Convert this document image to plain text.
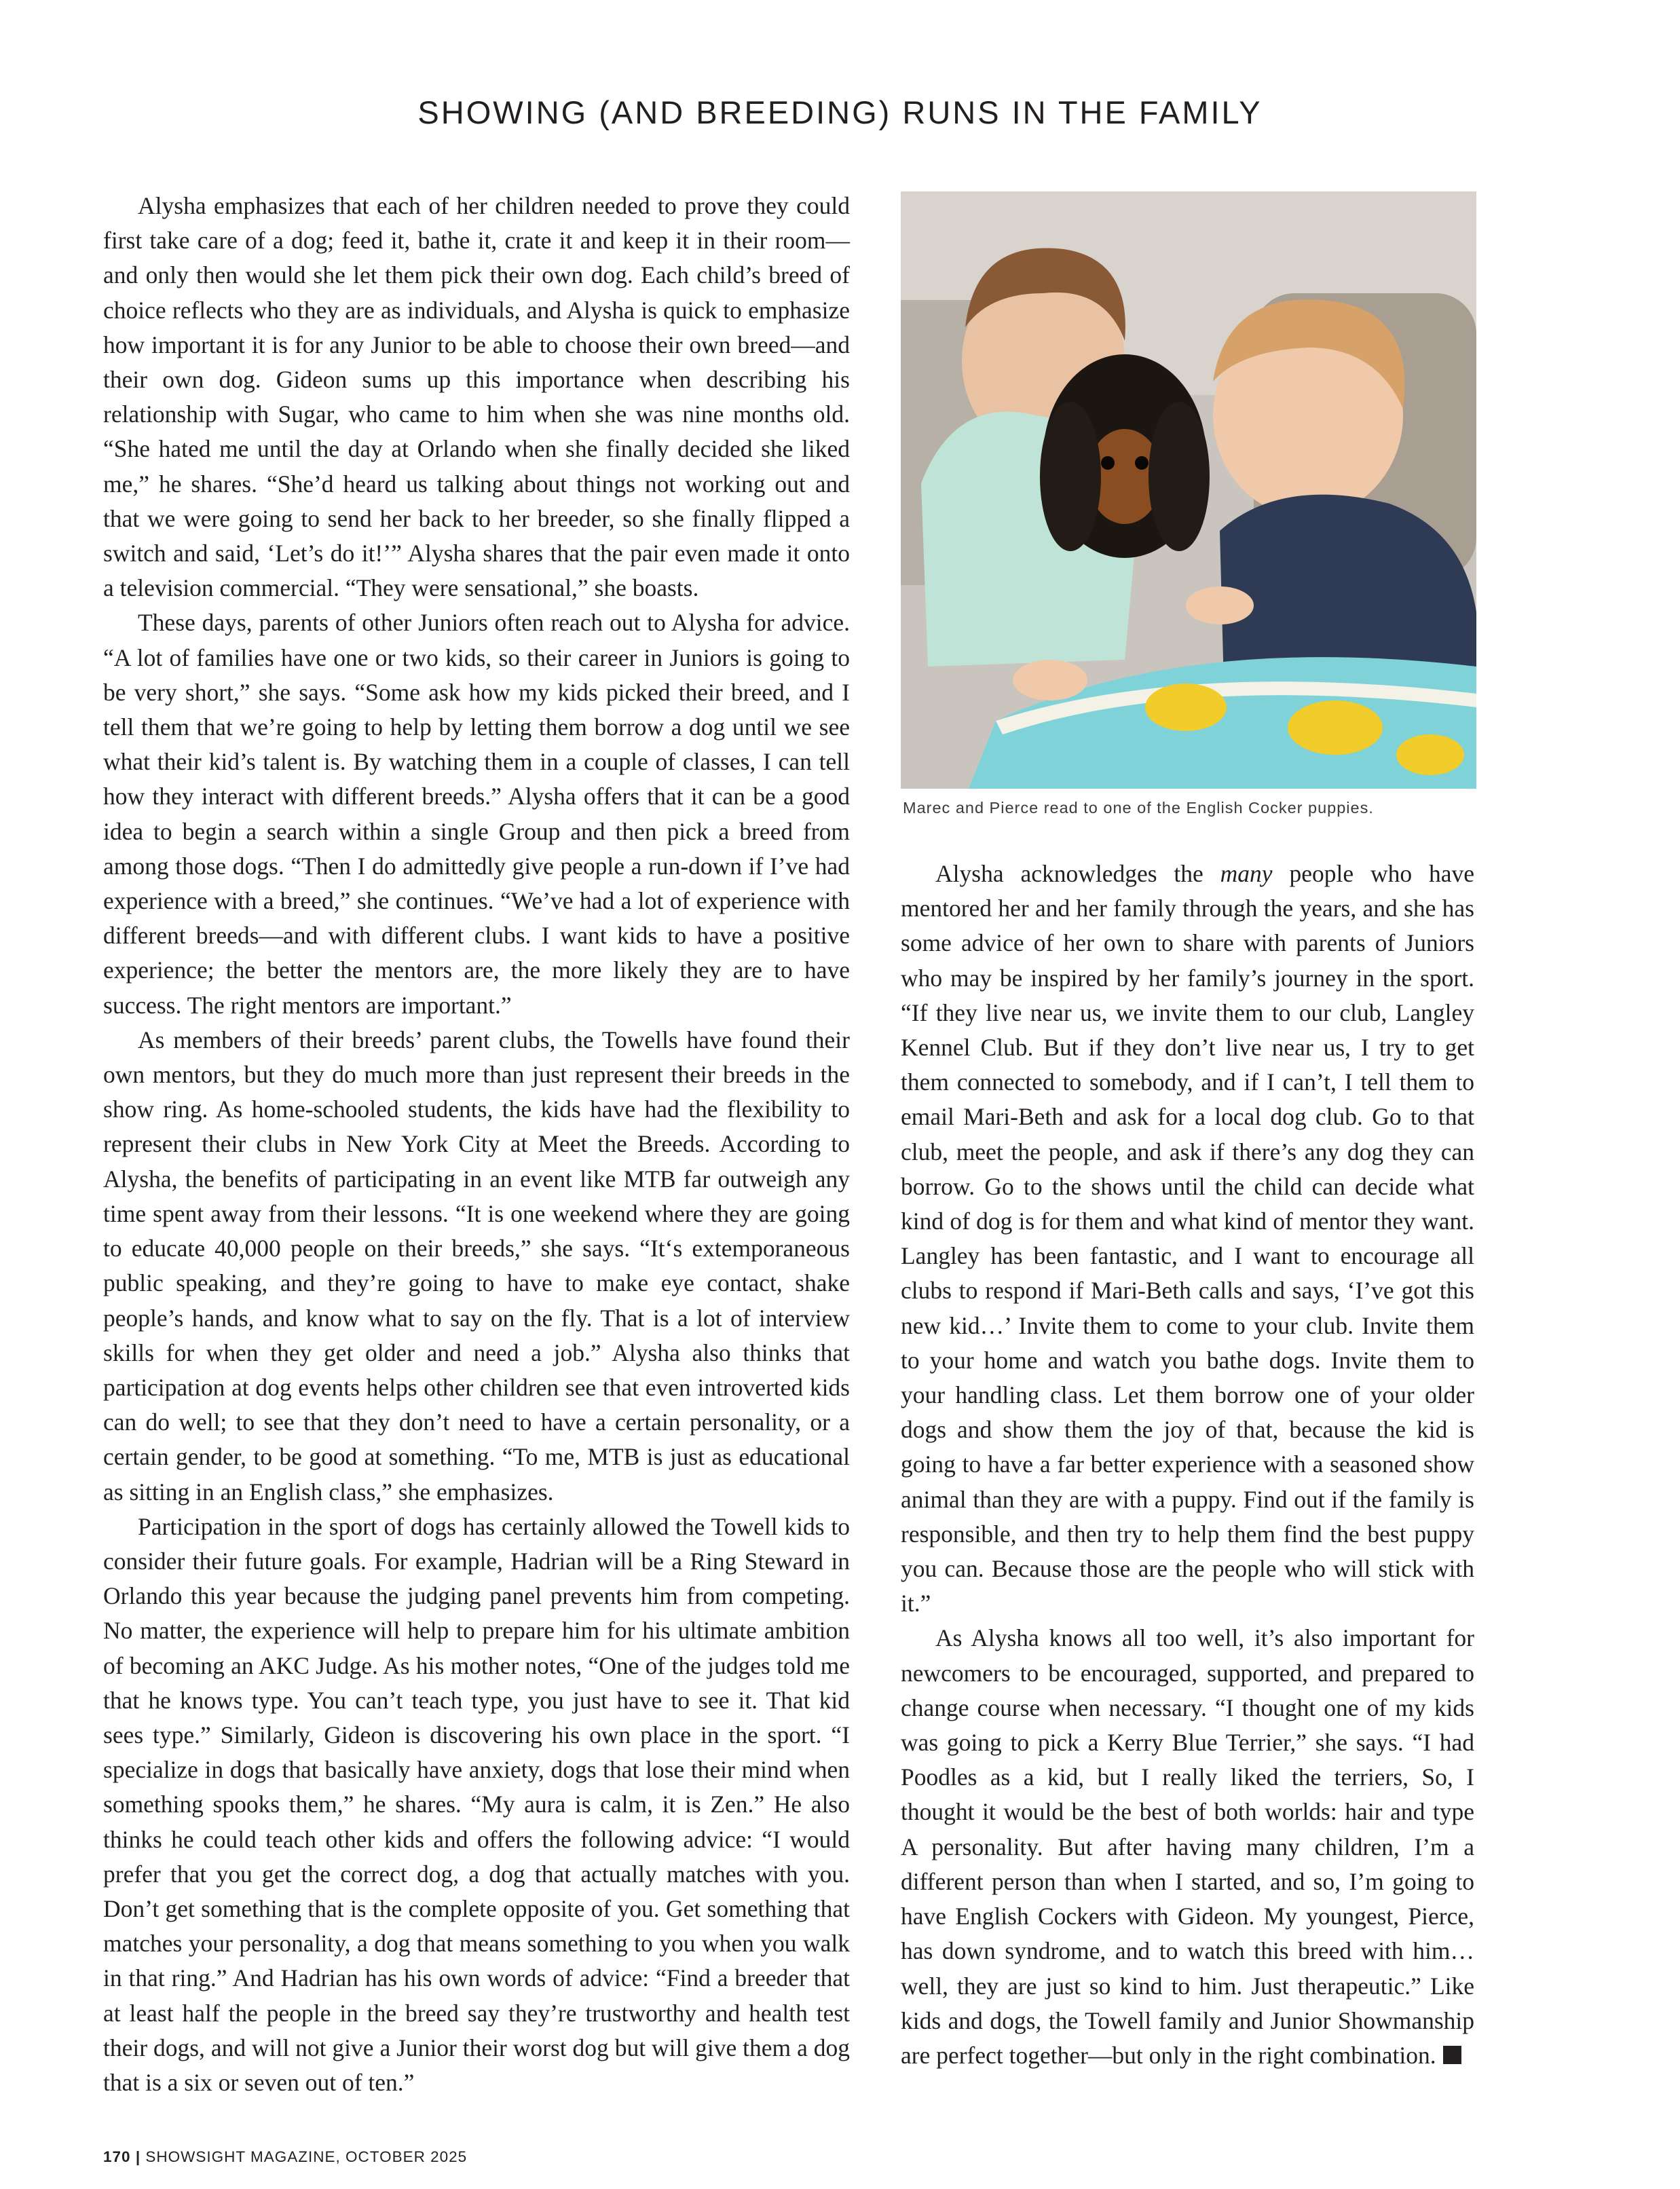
SHOWING (AND BREEDING) RUNS IN THE FAMILY

Alysha emphasizes that each of her children needed to prove they could first take care of a dog; feed it, bathe it, crate it and keep it in their room—and only then would she let them pick their own dog. Each child’s breed of choice reflects who they are as individuals, and Alysha is quick to emphasize how important it is for any Junior to be able to choose their own breed—and their own dog. Gideon sums up this importance when describing his relationship with Sugar, who came to him when she was nine months old. “She hated me until the day at Orlando when she finally decided she liked me,” he shares. “She’d heard us talking about things not working out and that we were going to send her back to her breeder, so she finally flipped a switch and said, ‘Let’s do it!’” Alysha shares that the pair even made it onto a television commercial. “They were sensational,” she boasts.

These days, parents of other Juniors often reach out to Alysha for advice. “A lot of families have one or two kids, so their career in Juniors is going to be very short,” she says. “Some ask how my kids picked their breed, and I tell them that we’re going to help by letting them borrow a dog until we see what their kid’s talent is. By watching them in a couple of classes, I can tell how they interact with different breeds.” Alysha offers that it can be a good idea to begin a search within a single Group and then pick a breed from among those dogs. “Then I do admittedly give people a run-down if I’ve had experience with a breed,” she continues. “We’ve had a lot of experience with different breeds—and with different clubs. I want kids to have a positive experience; the better the mentors are, the more likely they are to have success. The right mentors are important.”

As members of their breeds’ parent clubs, the Towells have found their own mentors, but they do much more than just represent their breeds in the show ring. As home-schooled students, the kids have had the flexibility to represent their clubs in New York City at Meet the Breeds. According to Alysha, the benefits of participating in an event like MTB far outweigh any time spent away from their lessons. “It is one weekend where they are going to educate 40,000 people on their breeds,” she says. “It‘s extemporaneous public speaking, and they’re going to have to make eye contact, shake people’s hands, and know what to say on the fly. That is a lot of interview skills for when they get older and need a job.” Alysha also thinks that participation at dog events helps other children see that even introverted kids can do well; to see that they don’t need to have a certain personality, or a certain gender, to be good at something. “To me, MTB is just as educational as sitting in an English class,” she emphasizes.

Participation in the sport of dogs has certainly allowed the Towell kids to consider their future goals. For example, Hadrian will be a Ring Steward in Orlando this year because the judging panel prevents him from competing. No matter, the experience will help to prepare him for his ultimate ambition of becoming an AKC Judge. As his mother notes, “One of the judges told me that he knows type. You can’t teach type, you just have to see it. That kid sees type.” Similarly, Gideon is discovering his own place in the sport. “I specialize in dogs that basically have anxiety, dogs that lose their mind when something spooks them,” he shares. “My aura is calm, it is Zen.” He also thinks he could teach other kids and offers the following advice: “I would prefer that you get the correct dog, a dog that actually matches with you. Don’t get something that is the complete opposite of you. Get something that matches your personality, a dog that means something to you when you walk in that ring.” And Hadrian has his own words of advice: “Find a breeder that at least half the people in the breed say they’re trustworthy and health test their dogs, and will not give a Junior their worst dog but will give them a dog that is a six or seven out of ten.”

Marec and Pierce read to one of the English Cocker puppies.

Alysha acknowledges the many people who have mentored her and her family through the years, and she has some advice of her own to share with parents of Juniors who may be inspired by her family’s journey in the sport. “If they live near us, we invite them to our club, Langley Kennel Club. But if they don’t live near us, I try to get them connected to somebody, and if I can’t, I tell them to email Mari-Beth and ask for a local dog club. Go to that club, meet the people, and ask if there’s any dog they can borrow. Go to the shows until the child can decide what kind of dog is for them and what kind of mentor they want. Langley has been fantastic, and I want to encourage all clubs to respond if Mari-Beth calls and says, ‘I’ve got this new kid…’ Invite them to come to your club. Invite them to your home and watch you bathe dogs. Invite them to your handling class. Let them borrow one of your older dogs and show them the joy of that, because the kid is going to have a far better experience with a seasoned show animal than they are with a puppy. Find out if the family is responsible, and then try to help them find the best puppy you can. Because those are the people who will stick with it.”

As Alysha knows all too well, it’s also important for newcomers to be encouraged, supported, and prepared to change course when necessary. “I thought one of my kids was going to pick a Kerry Blue Terrier,” she says. “I had Poodles as a kid, but I really liked the terriers, So, I thought it would be the best of both worlds: hair and type A personality. But after having many children, I’m a different person than when I started, and so, I’m going to have English Cockers with Gideon. My youngest, Pierce, has down syndrome, and to watch this breed with him… well, they are just so kind to him. Just therapeutic.” Like kids and dogs, the Towell family and Junior Showmanship are perfect together—but only in the right combination.

170 | SHOWSIGHT MAGAZINE, OCTOBER 2025
